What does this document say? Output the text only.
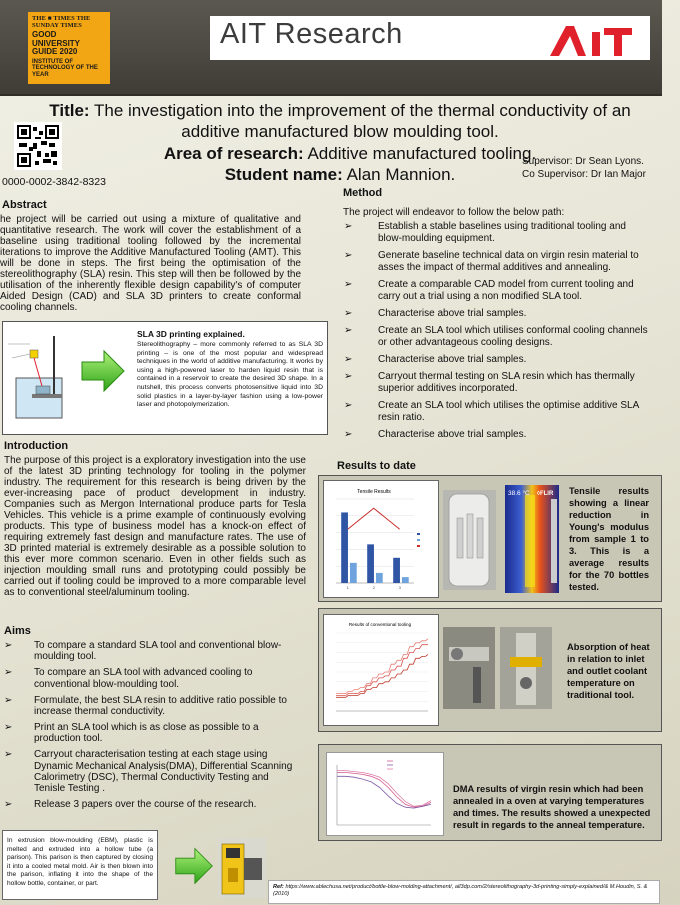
THE ■ TIMES THE SUNDAY TIMES
GOOD UNIVERSITY GUIDE 2020
INSTITUTE OF TECHNOLOGY OF THE YEAR
AIT Research
Title: The investigation into the improvement of the thermal conductivity of an
additive manufactured blow moulding tool.
Area of research: Additive manufactured tooling.
Student name: Alan Mannion.
0000-0002-3842-8323
Supervisor: Dr Sean Lyons.
Co Supervisor: Dr Ian Major
Abstract
he project will be carried out using a mixture of qualitative and quantitative research. The work will cover the establishment of a baseline using traditional tooling followed by the incremental iterations to improve the Additive Manufactured Tooling (AMT). This will be done in steps. The first being the optimisation of the stereolithography (SLA) resin. This step will then be followed by the utilisation of the inherently flexible design capability's of computer Aided Design (CAD) and SLA 3D printers to create conformal cooling channels.
SLA 3D printing explained.
Stereolithography – more commonly referred to as SLA 3D printing – is one of the most popular and widespread techniques in the world of additive manufacturing. It works by using a high-powered laser to harden liquid resin that is contained in a reservoir to create the desired 3D shape. In a nutshell, this process converts photosensitive liquid into 3D solid plastics in a layer-by-layer fashion using a low-power laser and photopolymerization.
Introduction
The purpose of this project is a exploratory investigation into the use of the latest 3D printing technology for tooling in the polymer industry. The requirement for this research is being driven by the ever-increasing pace of product development in industry. Companies such as Mergon International produce parts for Tesla Vehicles. This vehicle is a prime example of continuously evolving products. This type of business model has a knock-on effect of requiring extremely fast design and manufacture rates. The use of 3D printed material is extremely desirable as a possible solution to this ever more common scenario. Even in other fields such as injection moulding small runs and prototyping could possibly be carried out if tooling could be improved to a more comparable level as to conventional steel/aluminum tooling.
Aims
➢ To compare a standard SLA tool and conventional blow-moulding tool.
➢ To compare an SLA tool with advanced cooling to conventional blow-moulding tool.
➢ Formulate, the best SLA resin to additive ratio possible to increase thermal conductivity.
➢ Print an SLA tool which is as close as possible to a production tool.
➢ Carryout characterisation testing at each stage using Dynamic Mechanical Analysis(DMA), Differential Scanning Calorimetry (DSC), Thermal Conductivity Testing and Tenisle Testing .
➢ Release 3 papers over the course of the research.
In extrusion blow-moulding (EBM), plastic is melted and extruded into a hollow tube (a parison). This parison is then captured by closing it into a cooled metal mold. Air is then blown into the parison, inflating it into the shape of the hollow bottle, container, or part.
Method
The project will endeavor to follow the below path:
➢	Establish a stable baselines using traditional tooling and blow-moulding equipment.
➢	Generate baseline technical data on virgin resin material to asses the impact of thermal additives and annealing.
➢	Create a comparable CAD model from current tooling and carry out a trial using a non modified SLA tool.
➢	Characterise above trial samples.
➢	Create an SLA tool which utilises conformal cooling channels or other advantageous cooling designs.
➢	Characterise above trial samples.
➢	Carryout thermal testing on SLA resin which has thermally superior additives incorporated.
➢	Create an SLA tool which utilises the optimise additive SLA resin ratio.
➢	Characterise above trial samples.
Results to date
Tensile Results
1	2	3
38.6 °C ◊FLIR Tensile results showing a linear reduction in Young's modulus from sample 1 to 3. This is a average results for the 70 bottles tested.
Results of conventional tooling
Absorption of heat in relation to inlet and outlet coolant temperature on traditional tool.
DMA results of virgin resin which had been annealed in a oven at varying temperatures and times. The results showed a unexpected result in regards to the anneal temperature.
Ref: https://www.ablechusa.net/product/bottle-blow-molding-attachment/, all3dp.com/2/stereolithography-3d-printing-simply-explained/& M.Houdin, S. & (2010)
